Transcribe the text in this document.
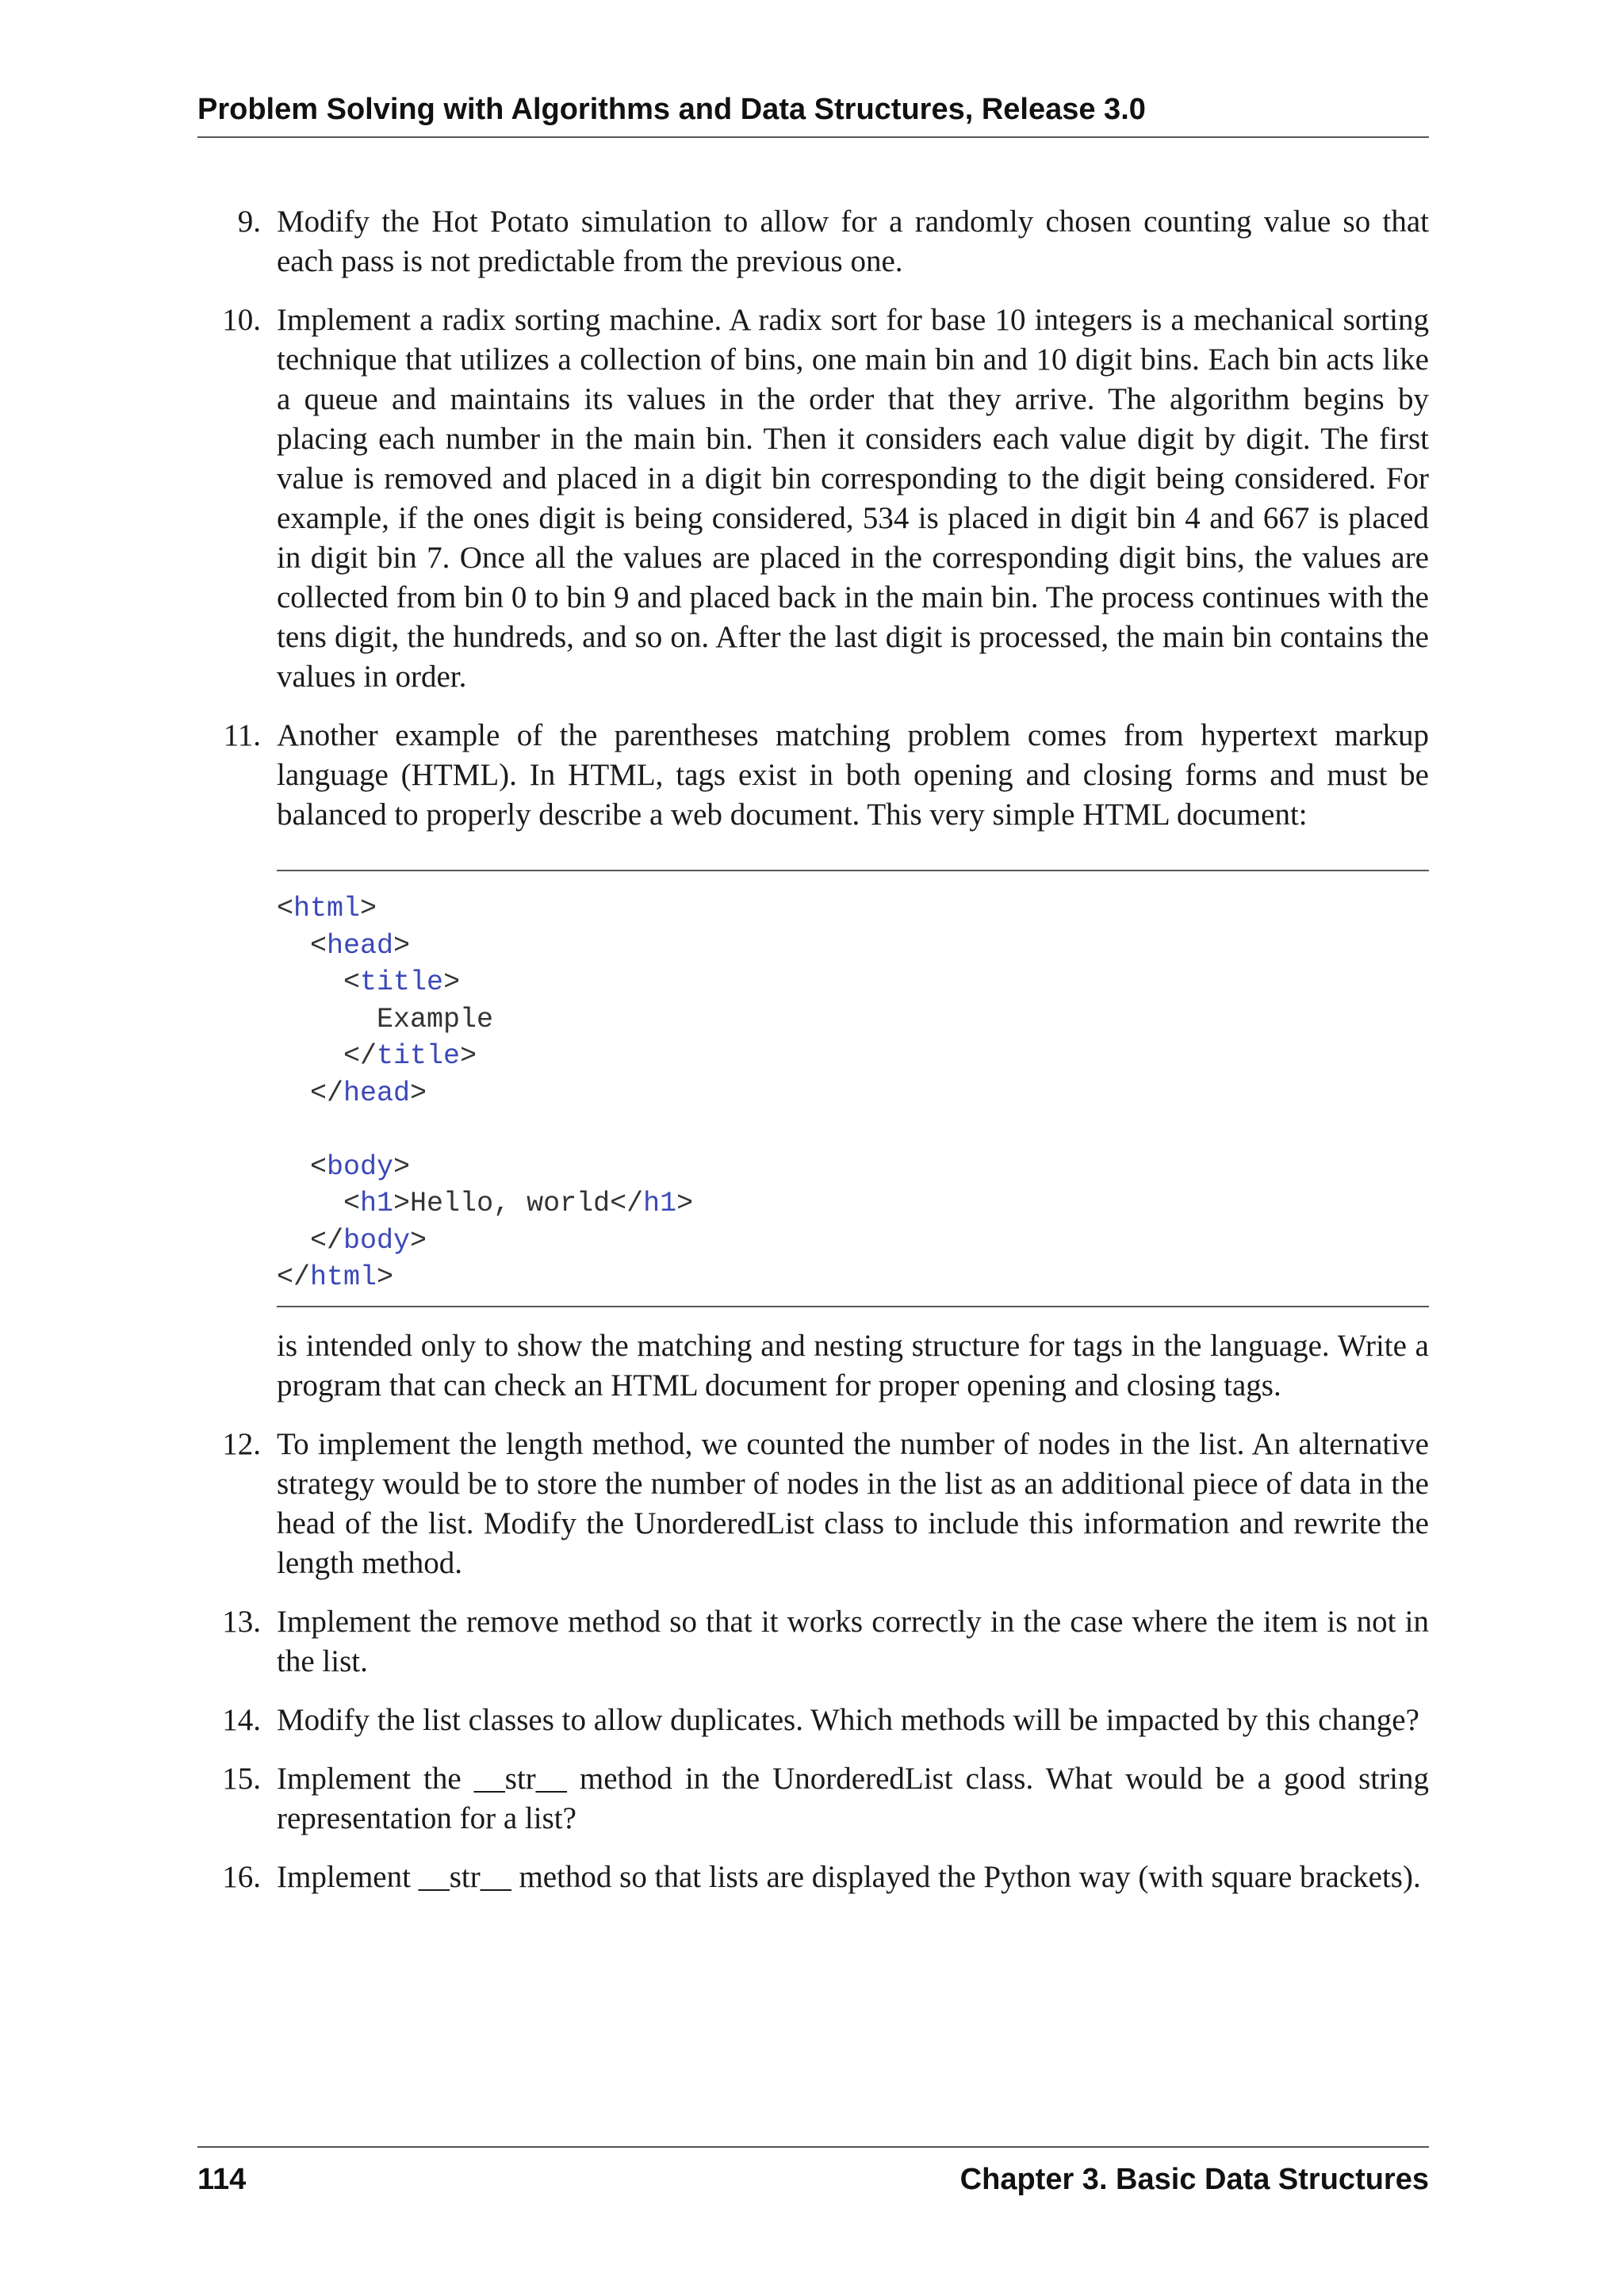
Problem Solving with Algorithms and Data Structures, Release 3.0
9. Modify the Hot Potato simulation to allow for a randomly chosen counting value so that each pass is not predictable from the previous one.
10. Implement a radix sorting machine. A radix sort for base 10 integers is a mechanical sorting technique that utilizes a collection of bins, one main bin and 10 digit bins. Each bin acts like a queue and maintains its values in the order that they arrive. The algorithm begins by placing each number in the main bin. Then it considers each value digit by digit. The first value is removed and placed in a digit bin corresponding to the digit being considered. For example, if the ones digit is being considered, 534 is placed in digit bin 4 and 667 is placed in digit bin 7. Once all the values are placed in the corresponding digit bins, the values are collected from bin 0 to bin 9 and placed back in the main bin. The process continues with the tens digit, the hundreds, and so on. After the last digit is processed, the main bin contains the values in order.
11. Another example of the parentheses matching problem comes from hypertext markup language (HTML). In HTML, tags exist in both opening and closing forms and must be balanced to properly describe a web document. This very simple HTML document:
<html>
<head>
<title>
Example
</title>
</head>
<body>
<h1>Hello, world</h1>
</body>
</html>
is intended only to show the matching and nesting structure for tags in the language. Write a program that can check an HTML document for proper opening and closing tags.
12. To implement the length method, we counted the number of nodes in the list. An alternative strategy would be to store the number of nodes in the list as an additional piece of data in the head of the list. Modify the UnorderedList class to include this information and rewrite the length method.
13. Implement the remove method so that it works correctly in the case where the item is not in the list.
14. Modify the list classes to allow duplicates. Which methods will be impacted by this change?
15. Implement the __str__ method in the UnorderedList class. What would be a good string representation for a list?
16. Implement __str__ method so that lists are displayed the Python way (with square brackets).
114	Chapter 3. Basic Data Structures
